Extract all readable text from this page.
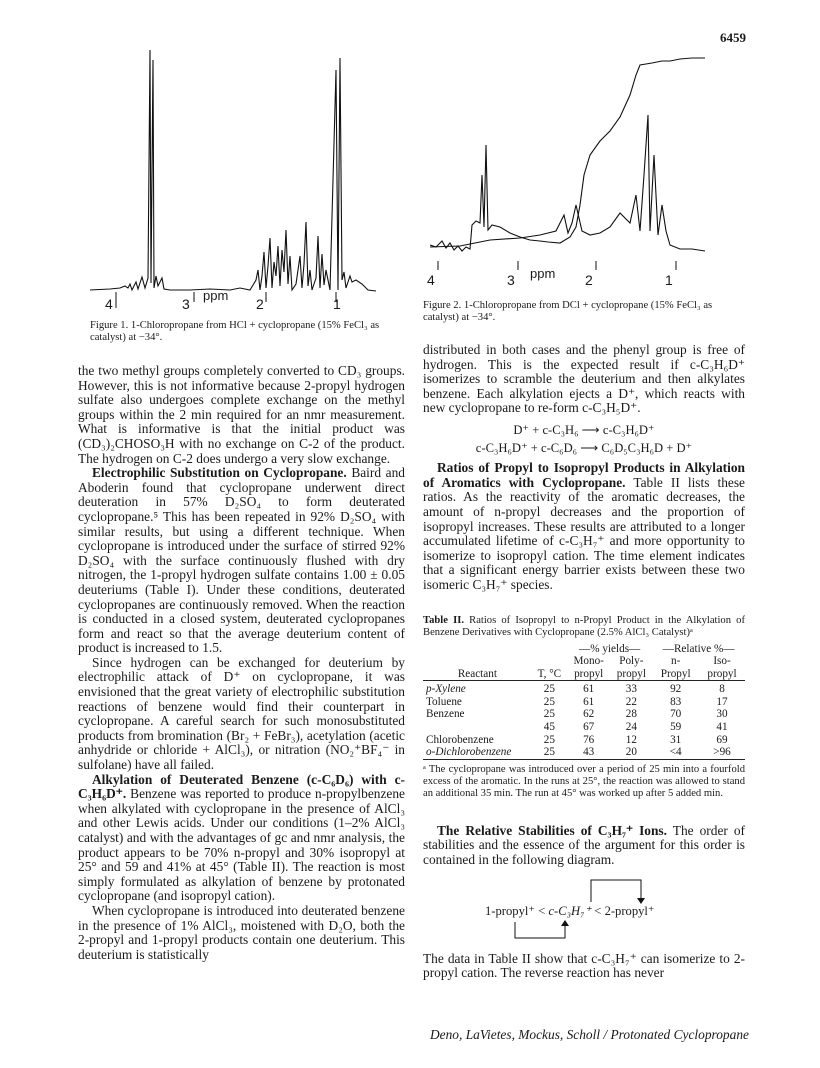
6459
4	3	2	1
ppm
Figure 1. 1-Chloropropane from HCl + cyclopropane (15% FeCl₃ as catalyst) at −34°.
4	3	2	1
ppm
Figure 2. 1-Chloropropane from DCl + cyclopropane (15% FeCl₃ as catalyst) at −34°.

the two methyl groups completely converted to CD₃ groups. However, this is not informative because 2-propyl hydrogen sulfate also undergoes complete exchange on the methyl groups within the 2 min required for an nmr measurement. What is informative is that the initial product was (CD₃)₂CHOSO₃H with no exchange on C-2 of the product. The hydrogen on C-2 does undergo a very slow exchange.

Electrophilic Substitution on Cyclopropane. Baird and Aboderin found that cyclopropane underwent direct deuteration in 57% D₂SO₄ to form deuterated cyclopropane.⁵ This has been repeated in 92% D₂SO₄ with similar results, but using a different technique. When cyclopropane is introduced under the surface of stirred 92% D₂SO₄ with the surface continuously flushed with dry nitrogen, the 1-propyl hydrogen sulfate contains 1.00 ± 0.05 deuteriums (Table I). Under these conditions, deuterated cyclopropanes are continuously removed. When the reaction is conducted in a closed system, deuterated cyclopropanes form and react so that the average deuterium content of product is increased to 1.5.

Since hydrogen can be exchanged for deuterium by electrophilic attack of D⁺ on cyclopropane, it was envisioned that the great variety of electrophilic substitution reactions of benzene would find their counterpart in cyclopropane. A careful search for such monosubstituted products from bromination (Br₂ + FeBr₃), acetylation (acetic anhydride or chloride + AlCl₃), or nitration (NO₂⁺BF₄⁻ in sulfolane) have all failed.

Alkylation of Deuterated Benzene (c-C₆D₆) with c-C₃H₆D⁺. Benzene was reported to produce n-propylbenzene when alkylated with cyclopropane in the presence of AlCl₃ and other Lewis acids. Under our conditions (1–2% AlCl₃ catalyst) and with the advantages of gc and nmr analysis, the product appears to be 70% n-propyl and 30% isopropyl at 25° and 59 and 41% at 45° (Table II). The reaction is most simply formulated as alkylation of benzene by protonated cyclopropane (and isopropyl cation).

When cyclopropane is introduced into deuterated benzene in the presence of 1% AlCl₃, moistened with D₂O, both the 2-propyl and 1-propyl products contain one deuterium. This deuterium is statistically

distributed in both cases and the phenyl group is free of hydrogen. This is the expected result if c-C₃H₆D⁺ isomerizes to scramble the deuterium and then alkylates benzene. Each alkylation ejects a D⁺, which reacts with new cyclopropane to re-form c-C₃H₅D⁺.

D⁺ + c-C₃H₆ ⟶ c-C₃H₆D⁺
c-C₃H₆D⁺ + c-C₆D₆ ⟶ C₆D₅C₃H₆D + D⁺

Ratios of Propyl to Isopropyl Products in Alkylation of Aromatics with Cyclopropane. Table II lists these ratios. As the reactivity of the aromatic decreases, the amount of n-propyl decreases and the proportion of isopropyl increases. These results are attributed to a longer accumulated lifetime of c-C₃H₇⁺ and more opportunity to isomerize to isopropyl cation. The time element indicates that a significant energy barrier exists between these two isomeric C₃H₇⁺ species.

Table II. Ratios of Isopropyl to n-Propyl Product in the Alkylation of Benzene Derivatives with Cyclopropane (2.5% AlCl₃ Catalyst)ᵃ
		—% yields—		—Relative %—	
		Mono-	Poly-	n-	Iso-
Reactant	T, °C	propyl	propyl	Propyl	propyl

p-Xylene	25	61	33	92	8
Toluene	25	61	22	83	17
Benzene	25	62	28	70	30
	45	67	24	59	41
Chlorobenzene	25	76	12	31	69
o-Dichlorobenzene	25	43	20	<4	>96

ᵃ The cyclopropane was introduced over a period of 25 min into a fourfold excess of the aromatic. In the runs at 25°, the reaction was allowed to stand an additional 35 min. The run at 45° was worked up after 5 added min.

The Relative Stabilities of C₃H₇⁺ Ions. The order of stabilities and the essence of the argument for this order is contained in the following diagram.

1-propyl⁺ < c-C₃H₇⁺ < 2-propyl⁺

The data in Table II show that c-C₃H₇⁺ can isomerize to 2-propyl cation. The reverse reaction has never

Deno, LaVietes, Mockus, Scholl / Protonated Cyclopropane
